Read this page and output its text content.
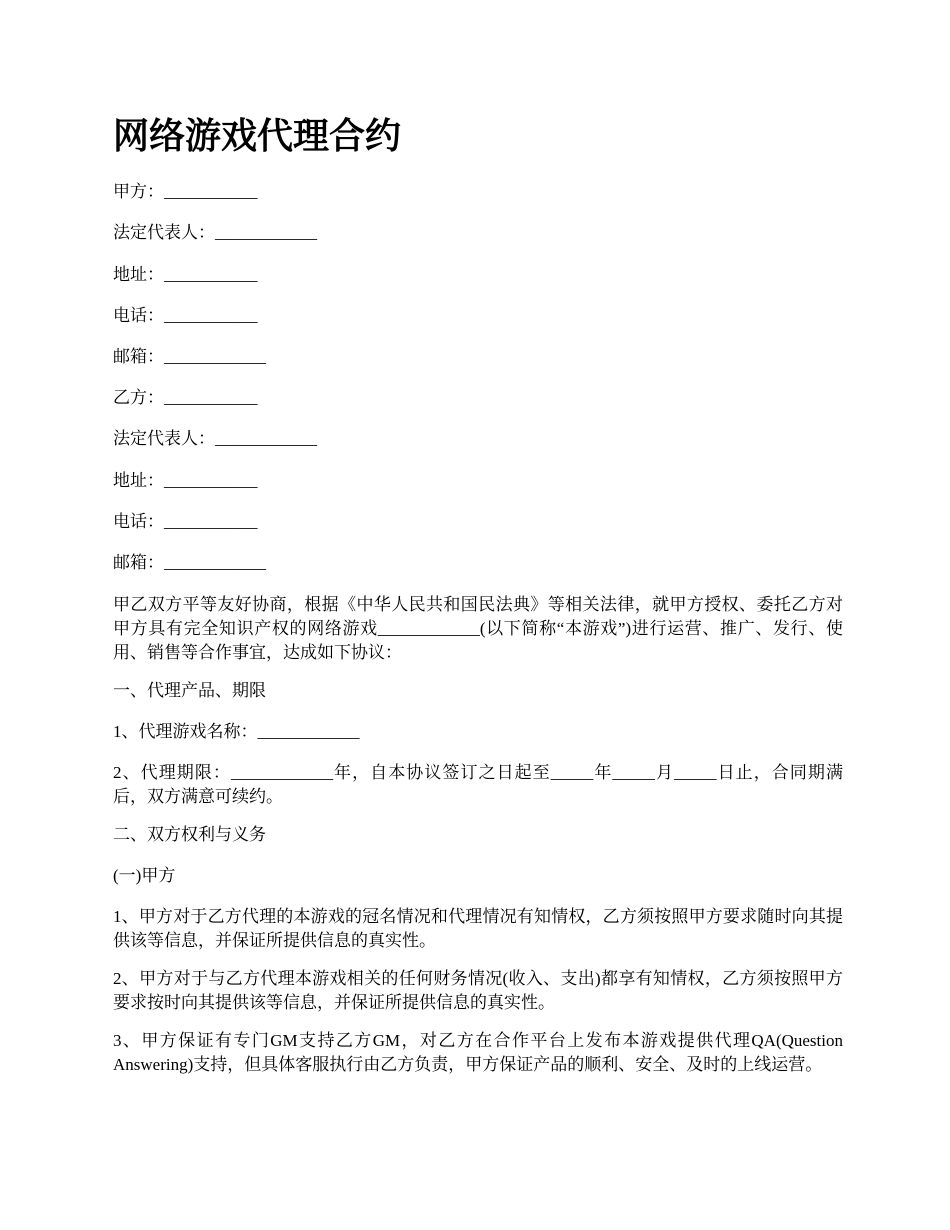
网络游戏代理合约
甲方：___________
法定代表人：____________
地址：___________
电话：___________
邮箱：____________
乙方：___________
法定代表人：____________
地址：___________
电话：___________
邮箱：____________
甲乙双方平等友好协商，根据《中华人民共和国民法典》等相关法律，就甲方授权、委托乙方对甲方具有完全知识产权的网络游戏____________(以下简称“本游戏”)进行运营、推广、发行、使用、销售等合作事宜，达成如下协议：
一、代理产品、期限
1、代理游戏名称：____________
2、代理期限：____________年，自本协议签订之日起至_____年_____月_____日止，合同期满后，双方满意可续约。
二、双方权利与义务
(一)甲方
1、甲方对于乙方代理的本游戏的冠名情况和代理情况有知情权，乙方须按照甲方要求随时向其提供该等信息，并保证所提供信息的真实性。
2、甲方对于与乙方代理本游戏相关的任何财务情况(收入、支出)都享有知情权，乙方须按照甲方要求按时向其提供该等信息，并保证所提供信息的真实性。
3、甲方保证有专门GM支持乙方GM，对乙方在合作平台上发布本游戏提供代理QA(Question Answering)支持，但具体客服执行由乙方负责，甲方保证产品的顺利、安全、及时的上线运营。
